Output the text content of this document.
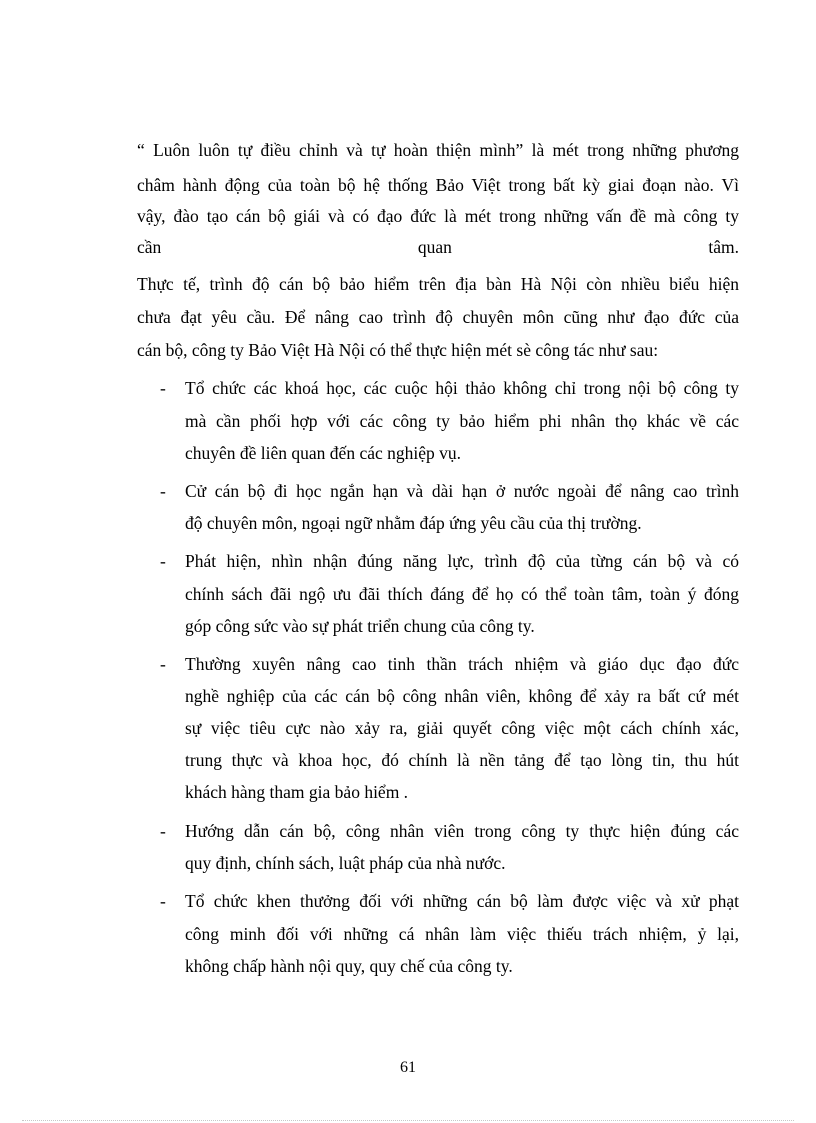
“ Luôn luôn tự điều chỉnh và tự hoàn thiện mình” là mét trong những phương

châm hành động của toàn bộ hệ thống Bảo Việt trong bất kỳ giai đoạn nào. Vì

vậy, đào tạo cán bộ giái và có đạo đức là mét trong những vấn đề mà công ty

cần quan tâm.

Thực tế, trình độ cán bộ bảo hiểm trên địa bàn Hà Nội còn nhiều biểu hiện

chưa đạt yêu cầu. Để nâng cao trình độ chuyên môn cũng như đạo đức của

cán bộ, công ty Bảo Việt Hà Nội có thể thực hiện mét sè công tác như sau:

- Tổ chức các khoá học, các cuộc hội thảo không chỉ trong nội bộ công ty

mà cần phối hợp với các công ty bảo hiểm phi nhân thọ khác về các

chuyên đề liên quan đến các nghiệp vụ.

- Cử cán bộ đi học ngắn hạn và dài hạn ở nước ngoài để nâng cao trình

độ chuyên môn, ngoại ngữ nhằm đáp ứng yêu cầu của thị trường.

- Phát hiện, nhìn nhận đúng năng lực, trình độ của từng cán bộ và có

chính sách đãi ngộ ưu đãi thích đáng để họ có thể toàn tâm, toàn ý đóng

góp công sức vào sự phát triển chung của công ty.

- Thường xuyên nâng cao tinh thần trách nhiệm và giáo dục đạo đức

nghề nghiệp của các cán bộ công nhân viên, không để xảy ra bất cứ mét

sự việc tiêu cực nào xảy ra, giải quyết công việc một cách chính xác,

trung thực và khoa học, đó chính là nền tảng để tạo lòng tin, thu hút

khách hàng tham gia bảo hiểm .

- Hướng dẫn cán bộ, công nhân viên trong công ty thực hiện đúng các

quy định, chính sách, luật pháp của nhà nước.

- Tổ chức khen thưởng đối với những cán bộ làm được việc và xử phạt

công minh đối với những cá nhân làm việc thiếu trách nhiệm, ỷ lại,

không chấp hành nội quy, quy chế của công ty.

61
